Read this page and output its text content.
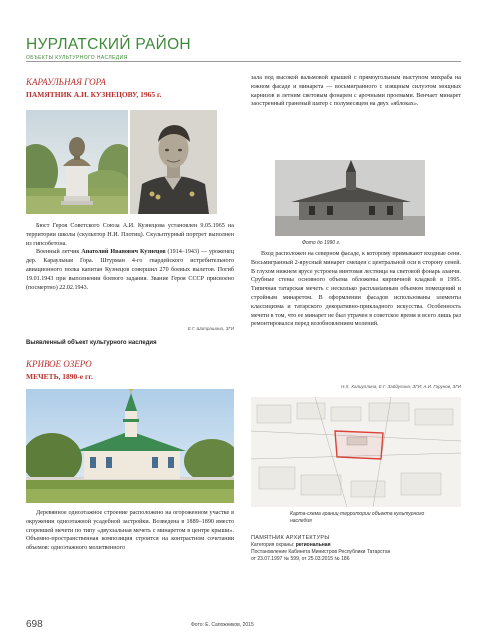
НУРЛАТСКИЙ РАЙОН
ОБЪЕКТЫ КУЛЬТУРНОГО НАСЛЕДИЯ
КАРАУЛЬНАЯ ГОРА
ПАМЯТНИК А.И. КУЗНЕЦОВУ, 1965 г.

Бюст Героя Советского Союза А.И. Кузнецова установлен 9.05.1965 на территории школы (скульптор Н.И. Плотиц). Скульптурный портрет выполнен из гипсобетона.

Военный летчик Анатолий Иванович Кузнецов (1914–1943) — уроженец дер. Караульная Гора. Штурман 4-го гвардейского истребительного авиационного полка капитан Кузнецов совершил 270 боевых вылетов. Погиб 19.01.1943 при выполнении боевого задания. Звание Героя СССР присвоено (посмертно) 22.02.1943.

Е.Г. Шатрашина, ЗГИ
Выявленный объект культурного наследия
КРИВОЕ ОЗЕРО
МЕЧЕТЬ, 1890-е гг.

Деревянное одноэтажное строение расположено на огороженном участке в окружении одноэтажной усадебной застройки. Возведена в 1889–1890 вместо сгоревшей мечети по типу «двухзальная мечеть с минаретом в центре крыши». Объемно-пространственная композиция строится на контрастном сочетании объемов: одноэтажного молитвенного

зала под высокой вальмовой крышей с прямоугольным выступом михраба на южном фасаде и минарета — восьмигранного с изящным силуэтом мощных карнизов и летним световым фонарем с арочными проемами. Венчает минарет заостренный граненый шатер с полумесяцем на двух «яблоках».

Фото до 1990 г.

Вход расположен на северном фасаде, к которому примыкают входные сени. Восьмигранный 2-ярусный минарет смещен с центральной оси в сторону сеней. В глухом нижнем ярусе устроена винтовая лестница на световой фонарь азанчи. Срубные стены основного объема обложены кирпичной кладкой в 1995. Типичная татарская мечеть с несколько расплastanным объемом помещений и стройным минаретом. В оформлении фасадов использованы элементы классицизма и татарского декоративно-прикладного искусства. Особенность мечети в том, что ее минарет не был утрачен в советское время и всего лишь раз ремонтировался перед возобновлением молений.

Н.Х. Халиуллина, Е.Г. Зайдулина, ЗГИ; А.И. Гарунов, ЗГИ
Карта-схема границ территории объекта культурного наследия
ПАМЯТНИК АРХИТЕКТУРЫ
Категория охраны: региональная
Постановление Кабинета Министров Республики Татарстан
от 23.07.1997 № 599, от 25.03.2015 № 186
698	Фото: Е. Сапожников, 2015
